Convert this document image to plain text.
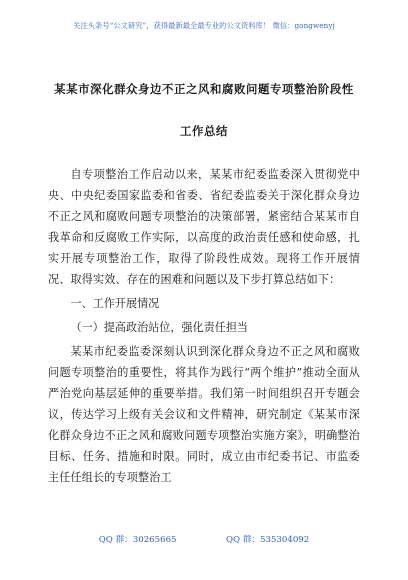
关注头条号“公文研究”，获得最新最全最专业的公文资料库！ 微信：gongwenyj
某某市深化群众身边不正之风和腐败问题专项整治阶段性
工作总结

自专项整治工作启动以来，某某市纪委监委深入贯彻党中央、中央纪委国家监委和省委、省纪委监委关于深化群众身边不正之风和腐败问题专项整治的决策部署，紧密结合某某市自我革命和反腐败工作实际，以高度的政治责任感和使命感，扎实开展专项整治工作，取得了阶段性成效。现将工作开展情况、取得实效、存在的困难和问题以及下步打算总结如下：

一、工作开展情况

（一）提高政治站位，强化责任担当

某某市纪委监委深刻认识到深化群众身边不正之风和腐败问题专项整治的重要性，将其作为践行“两个维护”推动全面从严治党向基层延伸的重要举措。我们第一时间组织召开专题会议，传达学习上级有关会议和文件精神，研究制定《某某市深化群众身边不正之风和腐败问题专项整治实施方案》，明确整治目标、任务、措施和时限。同时，成立由市纪委书记、市监委主任任组长的专项整治工

QQ 群：30265665	QQ 群：535304092
